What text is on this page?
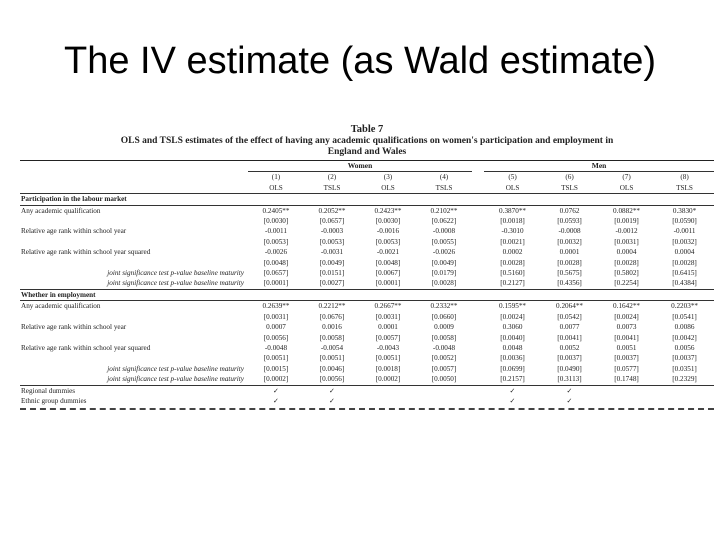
The IV estimate (as Wald estimate)
Table 7
OLS and TSLS estimates of the effect of having any academic qualifications on women's participation and employment in
England and Wales
	Women					Men			
	(1)	(2)	(3)	(4)		(5)	(6)	(7)	(8)
	OLS	TSLS	OLS	TSLS		OLS	TSLS	OLS	TSLS
Participation in the labour market									
Any academic qualification	0.2405**	0.2052**	0.2423**	0.2102**		0.3870**	0.0762	0.0882**	0.3830*
	[0.0030]	[0.0657]	[0.0030]	[0.0622]		[0.0018]	[0.0593]	[0.0019]	[0.0590]
Relative age rank within school year	-0.0011	-0.0003	-0.0016	-0.0008		-0.3010	-0.0008	-0.0012	-0.0011
	[0.0053]	[0.0053]	[0.0053]	[0.0055]		[0.0021]	[0.0032]	[0.0031]	[0.0032]
Relative age rank within school year squared	-0.0026	-0.0031	-0.0021	-0.0026		0.0002	0.0001	0.0004	0.0004
	[0.0048]	[0.0049]	[0.0048]	[0.0049]		[0.0028]	[0.0028]	[0.0028]	[0.0028]
joint significance test p-value baseline maturity	[0.0657]	[0.0151]	[0.0067]	[0.0179]		[0.5160]	[0.5675]	[0.5802]	[0.6415]
joint significance test p-value baseline maturity	[0.0001]	[0.0027]	[0.0001]	[0.0028]		[0.2127]	[0.4356]	[0.2254]	[0.4384]
Whether in employment									
Any academic qualification	0.2639**	0.2212**	0.2667**	0.2332**		0.1595**	0.2064**	0.1642**	0.2203**
	[0.0031]	[0.0676]	[0.0031]	[0.0660]		[0.0024]	[0.0542]	[0.0024]	[0.0541]
Relative age rank within school year	0.0007	0.0016	0.0001	0.0009		0.3060	0.0077	0.0073	0.0086
	[0.0056]	[0.0058]	[0.0057]	[0.0058]		[0.0040]	[0.0041]	[0.0041]	[0.0042]
Relative age rank within school year squared	-0.0048	-0.0054	-0.0043	-0.0048		0.0048	0.0052	0.0051	0.0056
	[0.0051]	[0.0051]	[0.0051]	[0.0052]		[0.0036]	[0.0037]	[0.0037]	[0.0037]
joint significance test p-value baseline maturity	[0.0015]	[0.0046]	[0.0018]	[0.0057]		[0.0699]	[0.0490]	[0.0577]	[0.0351]
joint significance test p-value baseline maturity	[0.0002]	[0.0056]	[0.0002]	[0.0050]		[0.2157]	[0.3113]	[0.1748]	[0.2329]
Regional dummies	✓	✓				✓	✓		
Ethnic group dummies	✓	✓				✓	✓		
